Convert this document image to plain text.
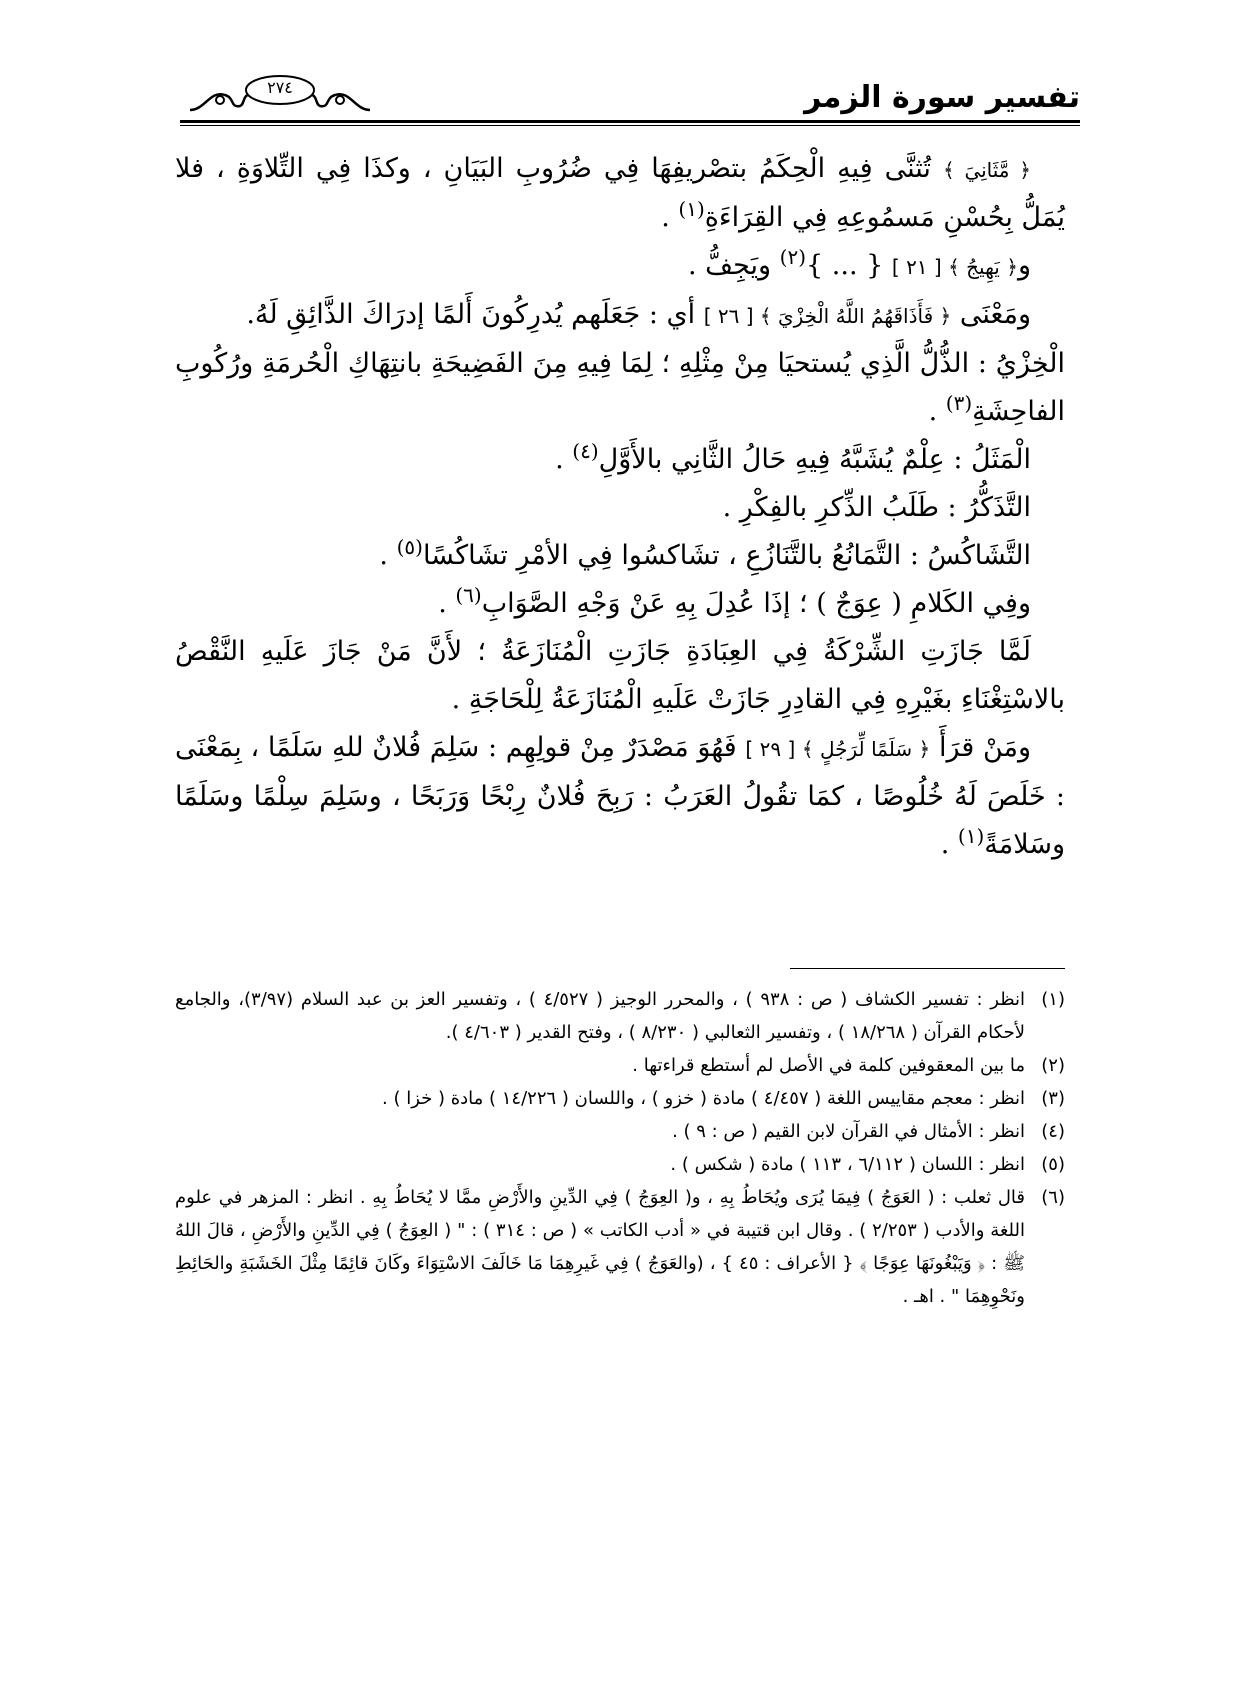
تفسير سورة الزمر
٢٧٤

﴿ مَّثَانِيَ ﴾ تُثنَّى فِيهِ الْحِكَمُ بتصْريفِهَا فِي ضُرُوبِ البَيَانِ ، وكذَا فِي التِّلاوَةِ ، فلا يُمَلُّ بِحُسْنِ مَسمُوعِهِ فِي القِرَاءَةِ$^{(١)}$ .

و﴿ يَهِيجُ ﴾ [ ٢١ ] { ... }$^{(٢)}$ ويَجِفُّ .

ومَعْنَى ﴿ فَأَذَاقَهُمُ اللَّهُ الْخِزْيَ ﴾ [ ٢٦ ] أي : جَعَلَهم يُدرِكُونَ أَلمًا إدرَاكَ الذَّائِقِ لَهُ.

الْخِزْيُ : الذُّلُّ الَّذِي يُستحيَا مِنْ مِثْلِهِ ؛ لِمَا فِيهِ مِنَ الفَضِيحَةِ بانتِهَاكِ الْحُرمَةِ ورُكُوبِ الفاحِشَةِ$^{(٣)}$ .

الْمَثَلُ : عِلْمٌ يُشَبَّهُ فِيهِ حَالُ الثَّانِي بالأَوَّلِ$^{(٤)}$ .

التَّذَكُّرُ : طَلَبُ الذِّكرِ بالفِكْرِ .

التَّشَاكُسُ : التَّمَانُعُ بالتَّنَازُعِ ، تشَاكسُوا فِي الأمْرِ تشَاكُسًا$^{(٥)}$ .

وفِي الكَلامِ ( عِوَجٌ ) ؛ إذَا عُدِلَ بِهِ عَنْ وَجْهِ الصَّوَابِ$^{(٦)}$ .

لَمَّا جَازَتِ الشِّرْكَةُ فِي العِبَادَةِ جَازَتِ الْمُنَازَعَةُ ؛ لأَنَّ مَنْ جَازَ عَلَيهِ النَّقْصُ بالاسْتِغْنَاءِ بغَيْرِهِ فِي القادِرِ جَازَتْ عَلَيهِ الْمُنَازَعَةُ لِلْحَاجَةِ .

ومَنْ قرَأَ ﴿ سَلَمًا لِّرَجُلٍ ﴾ [ ٢٩ ] فَهُوَ مَصْدَرٌ مِنْ قولِهِم : سَلِمَ فُلانٌ للهِ سَلَمًا ، بِمَعْنَى : خَلَصَ لَهُ خُلُوصًا ، كمَا تقُولُ العَرَبُ : رَبِحَ فُلانٌ رِبْحًا وَرَبَحًا ، وسَلِمَ سِلْمًا وسَلَمًا وسَلامَةً$^{(١)}$ .

(١)
انظر : تفسير الكشاف ( ص : ٩٣٨ ) ، والمحرر الوجيز ( ٤/٥٢٧ ) ، وتفسير العز بن عبد السلام (٣/٩٧)، والجامع لأحكام القرآن ( ١٨/٢٦٨ ) ، وتفسير الثعالبي ( ٨/٢٣٠ ) ، وفتح القدير ( ٤/٦٠٣ ).

(٢)
ما بين المعقوفين كلمة في الأصل لم أستطع قراءتها .

(٣)
انظر : معجم مقاييس اللغة ( ٤/٤٥٧ ) مادة ( خزو ) ، واللسان ( ١٤/٢٢٦ ) مادة ( خزا ) .

(٤)
انظر : الأمثال في القرآن لابن القيم ( ص : ٩ ) .

(٥)
انظر : اللسان ( ٦/١١٢ ، ١١٣ ) مادة ( شكس ) .

(٦)
قال ثعلب : ( العَوَجُ ) فِيمَا يُرَى ويُحَاطُ بِهِ ، و( العِوَجُ ) فِي الدِّينِ والأَرْضِ ممَّا لا يُحَاطُ بِهِ . انظر : المزهر في علوم اللغة والأدب ( ٢/٢٥٣ ) . وقال ابن قتيبة في « أدب الكاتب » ( ص : ٣١٤ ) : " ( العِوَجُ ) فِي الدِّينِ والأَرْضِ ، قالَ اللهُ ﷺ : ﴿ وَيَبْغُونَهَا عِوَجًا ﴾ { الأعراف : ٤٥ } ، (والعَوَجُ ) فِي غَيرِهِمَا مَا خَالَفَ الاسْتِوَاءَ وكَانَ قائِمًا مِثْلَ الخَشَبَةِ والحَائِطِ ونَحْوِهِمَا " . اهـ .
